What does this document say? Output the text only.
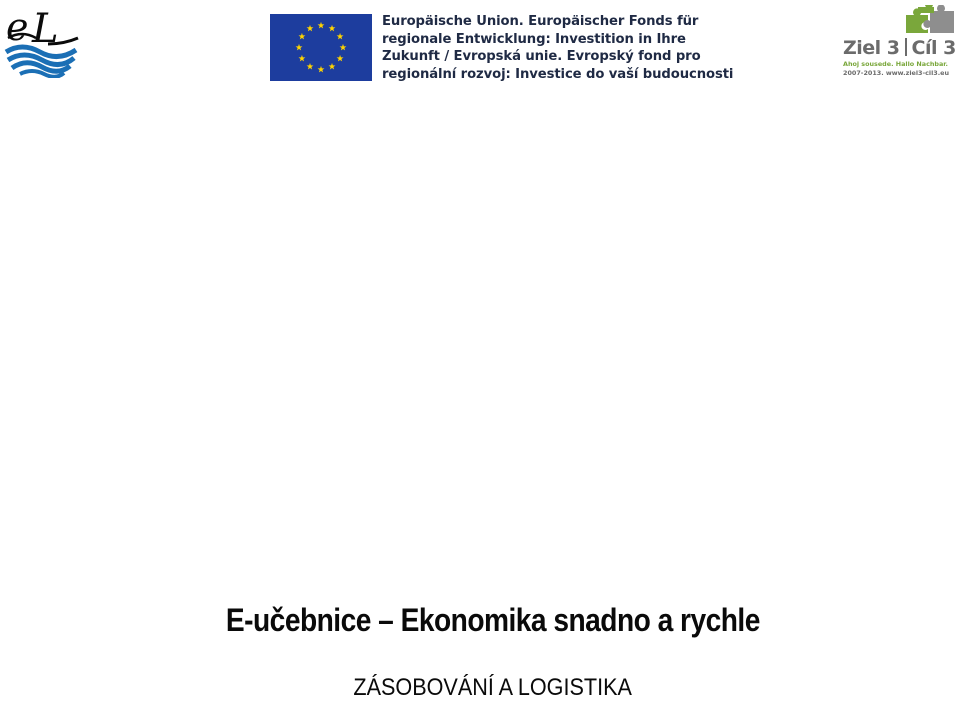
e L	Europäische Union. Europäischer Fonds für
regionale Entwicklung: Investition in Ihre
Zukunft / Evropská unie. Evropský fond pro
regionální rozvoj: Investice do vaší budoucnosti
Ziel 3 Cíl 3
Ahoj sousede. Hallo Nachbar.
2007-2013. www.ziel3-cil3.eu
E-učebnice – Ekonomika snadno a rychle
ZÁSOBOVÁNÍ A LOGISTIKA
